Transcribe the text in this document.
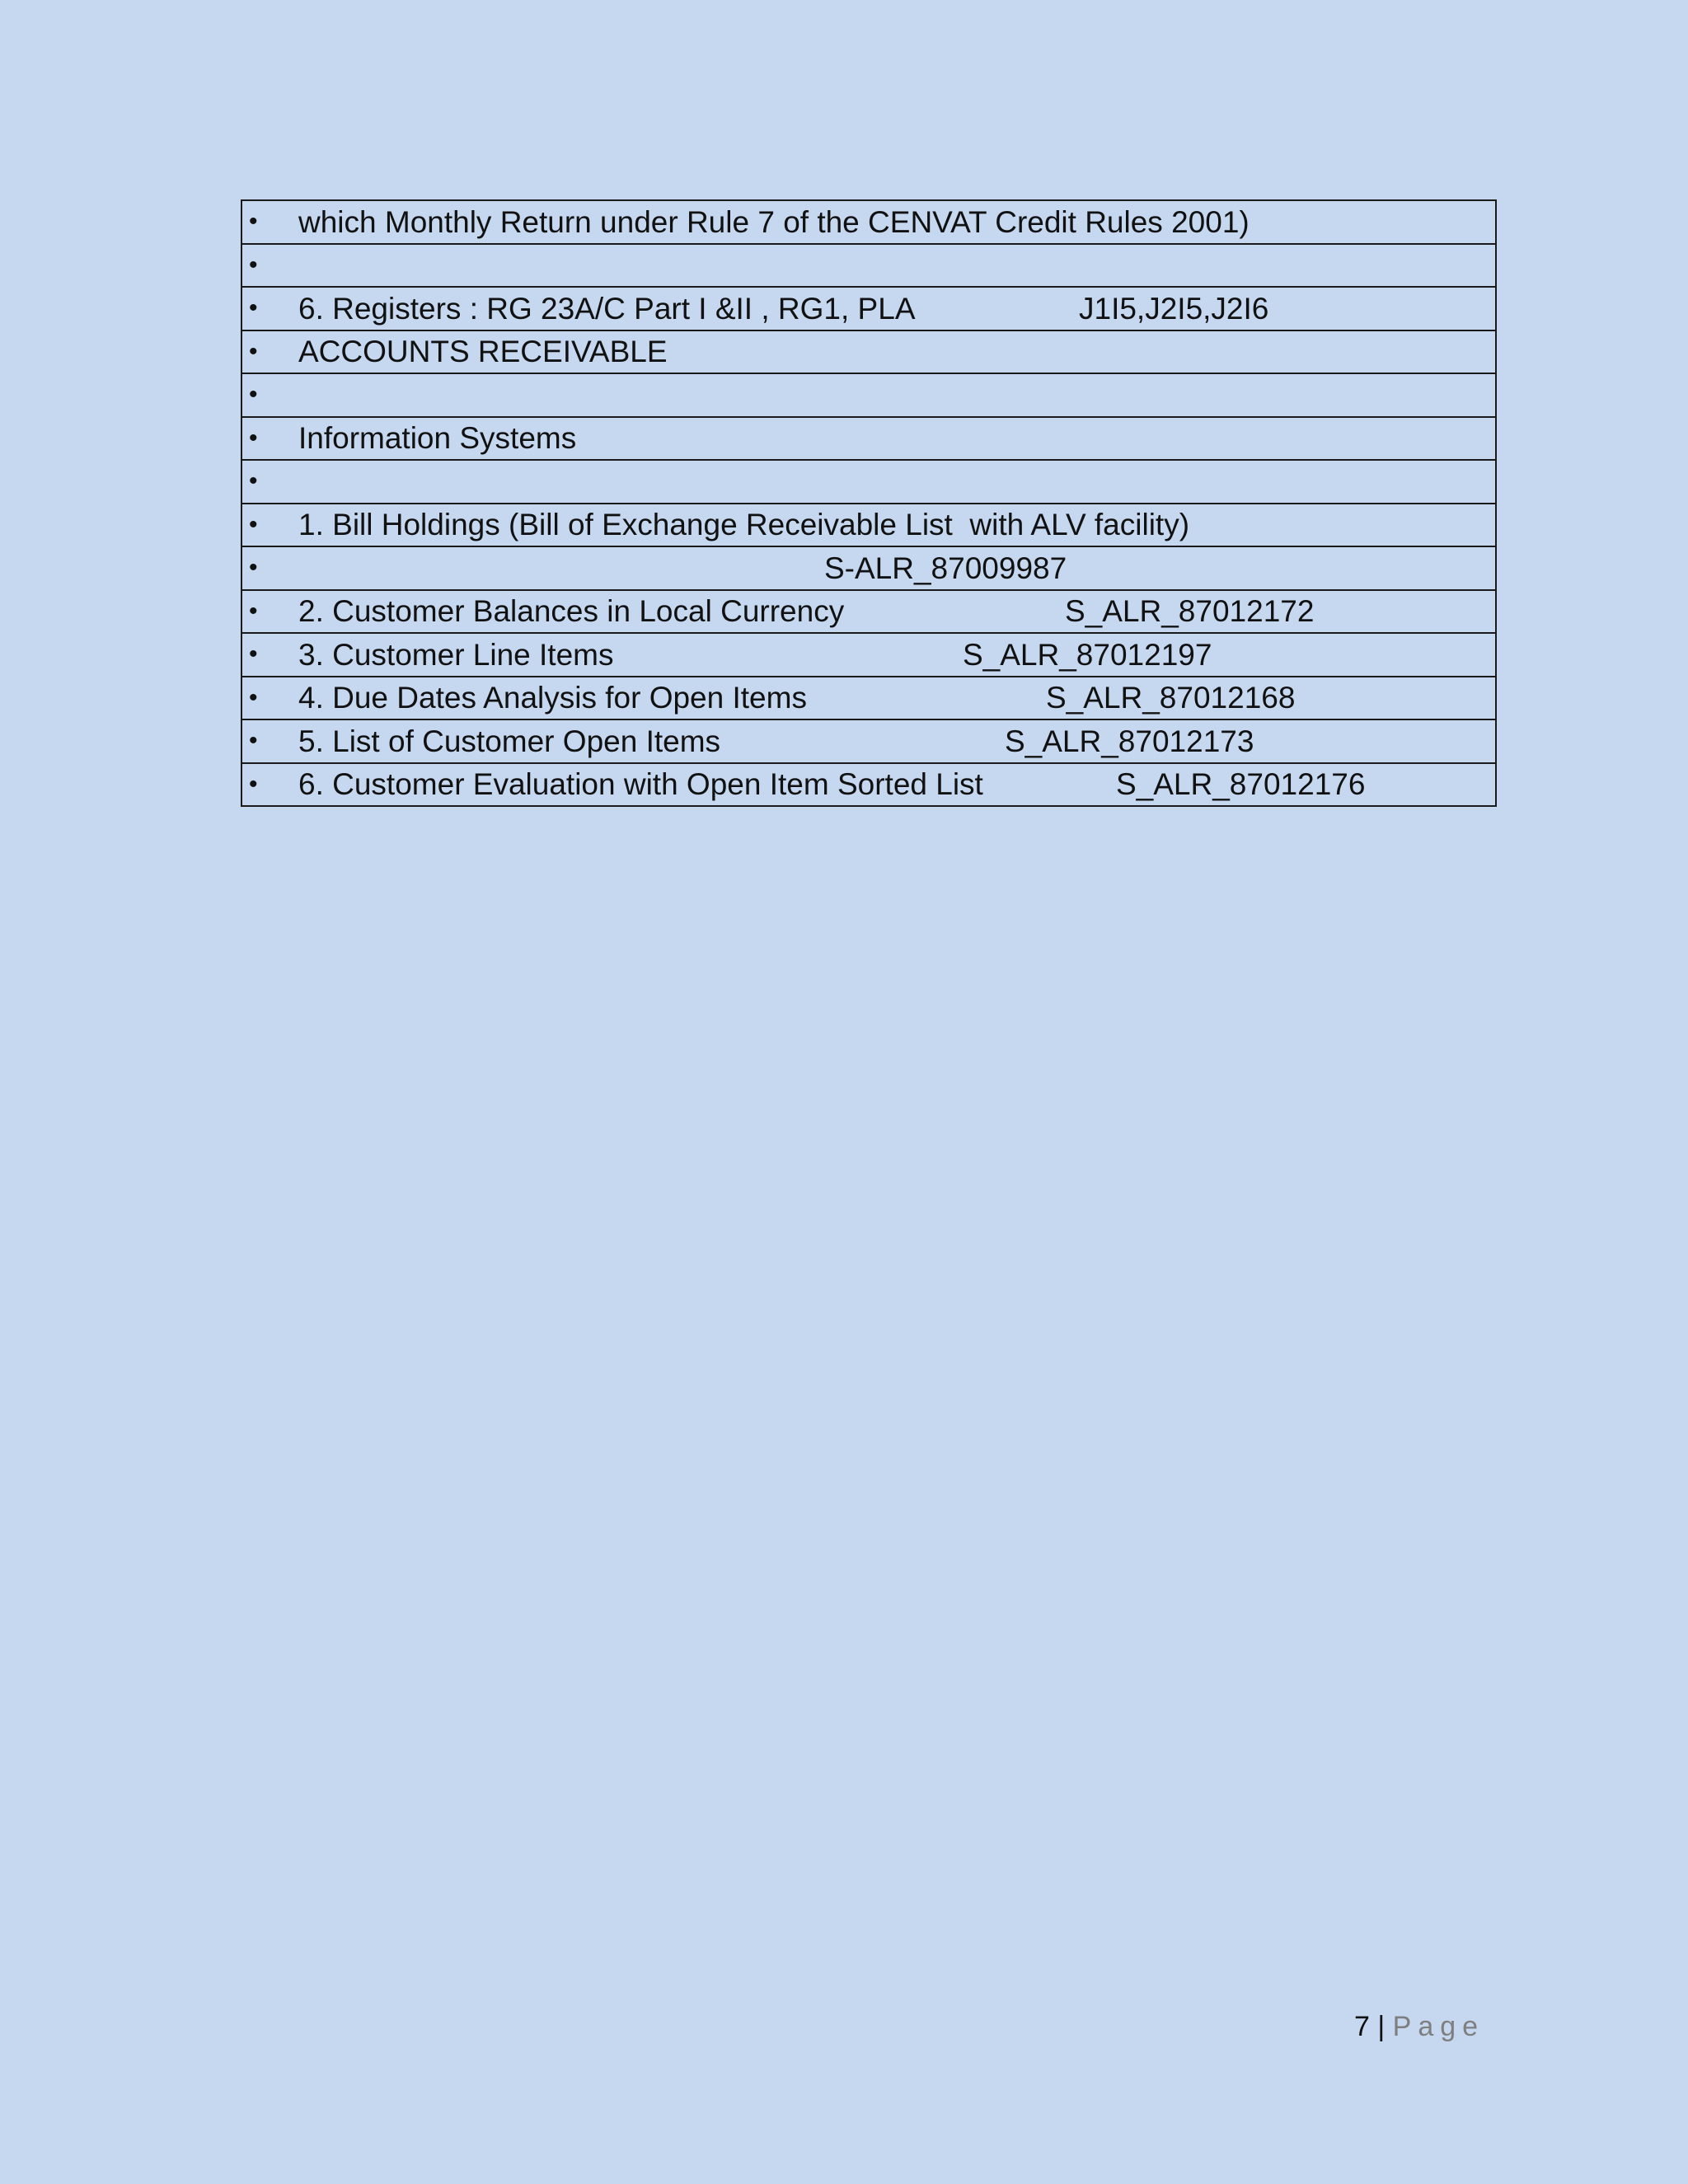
•	which Monthly Return under Rule 7 of the CENVAT Credit Rules 2001)

•

•	6. Registers : RG 23A/C Part I &II , RG1, PLA	J1I5,J2I5,J2I6

•	ACCOUNTS RECEIVABLE

•

•	Information Systems

•

•	1. Bill Holdings (Bill of Exchange Receivable List  with ALV facility)

•	S-ALR_87009987

•	2. Customer Balances in Local Currency	S_ALR_87012172

•	3. Customer Line Items	S_ALR_87012197

•	4. Due Dates Analysis for Open Items	S_ALR_87012168

•	5. List of Customer Open Items	S_ALR_87012173

•	6. Customer Evaluation with Open Item Sorted List	S_ALR_87012176
7 | Page
